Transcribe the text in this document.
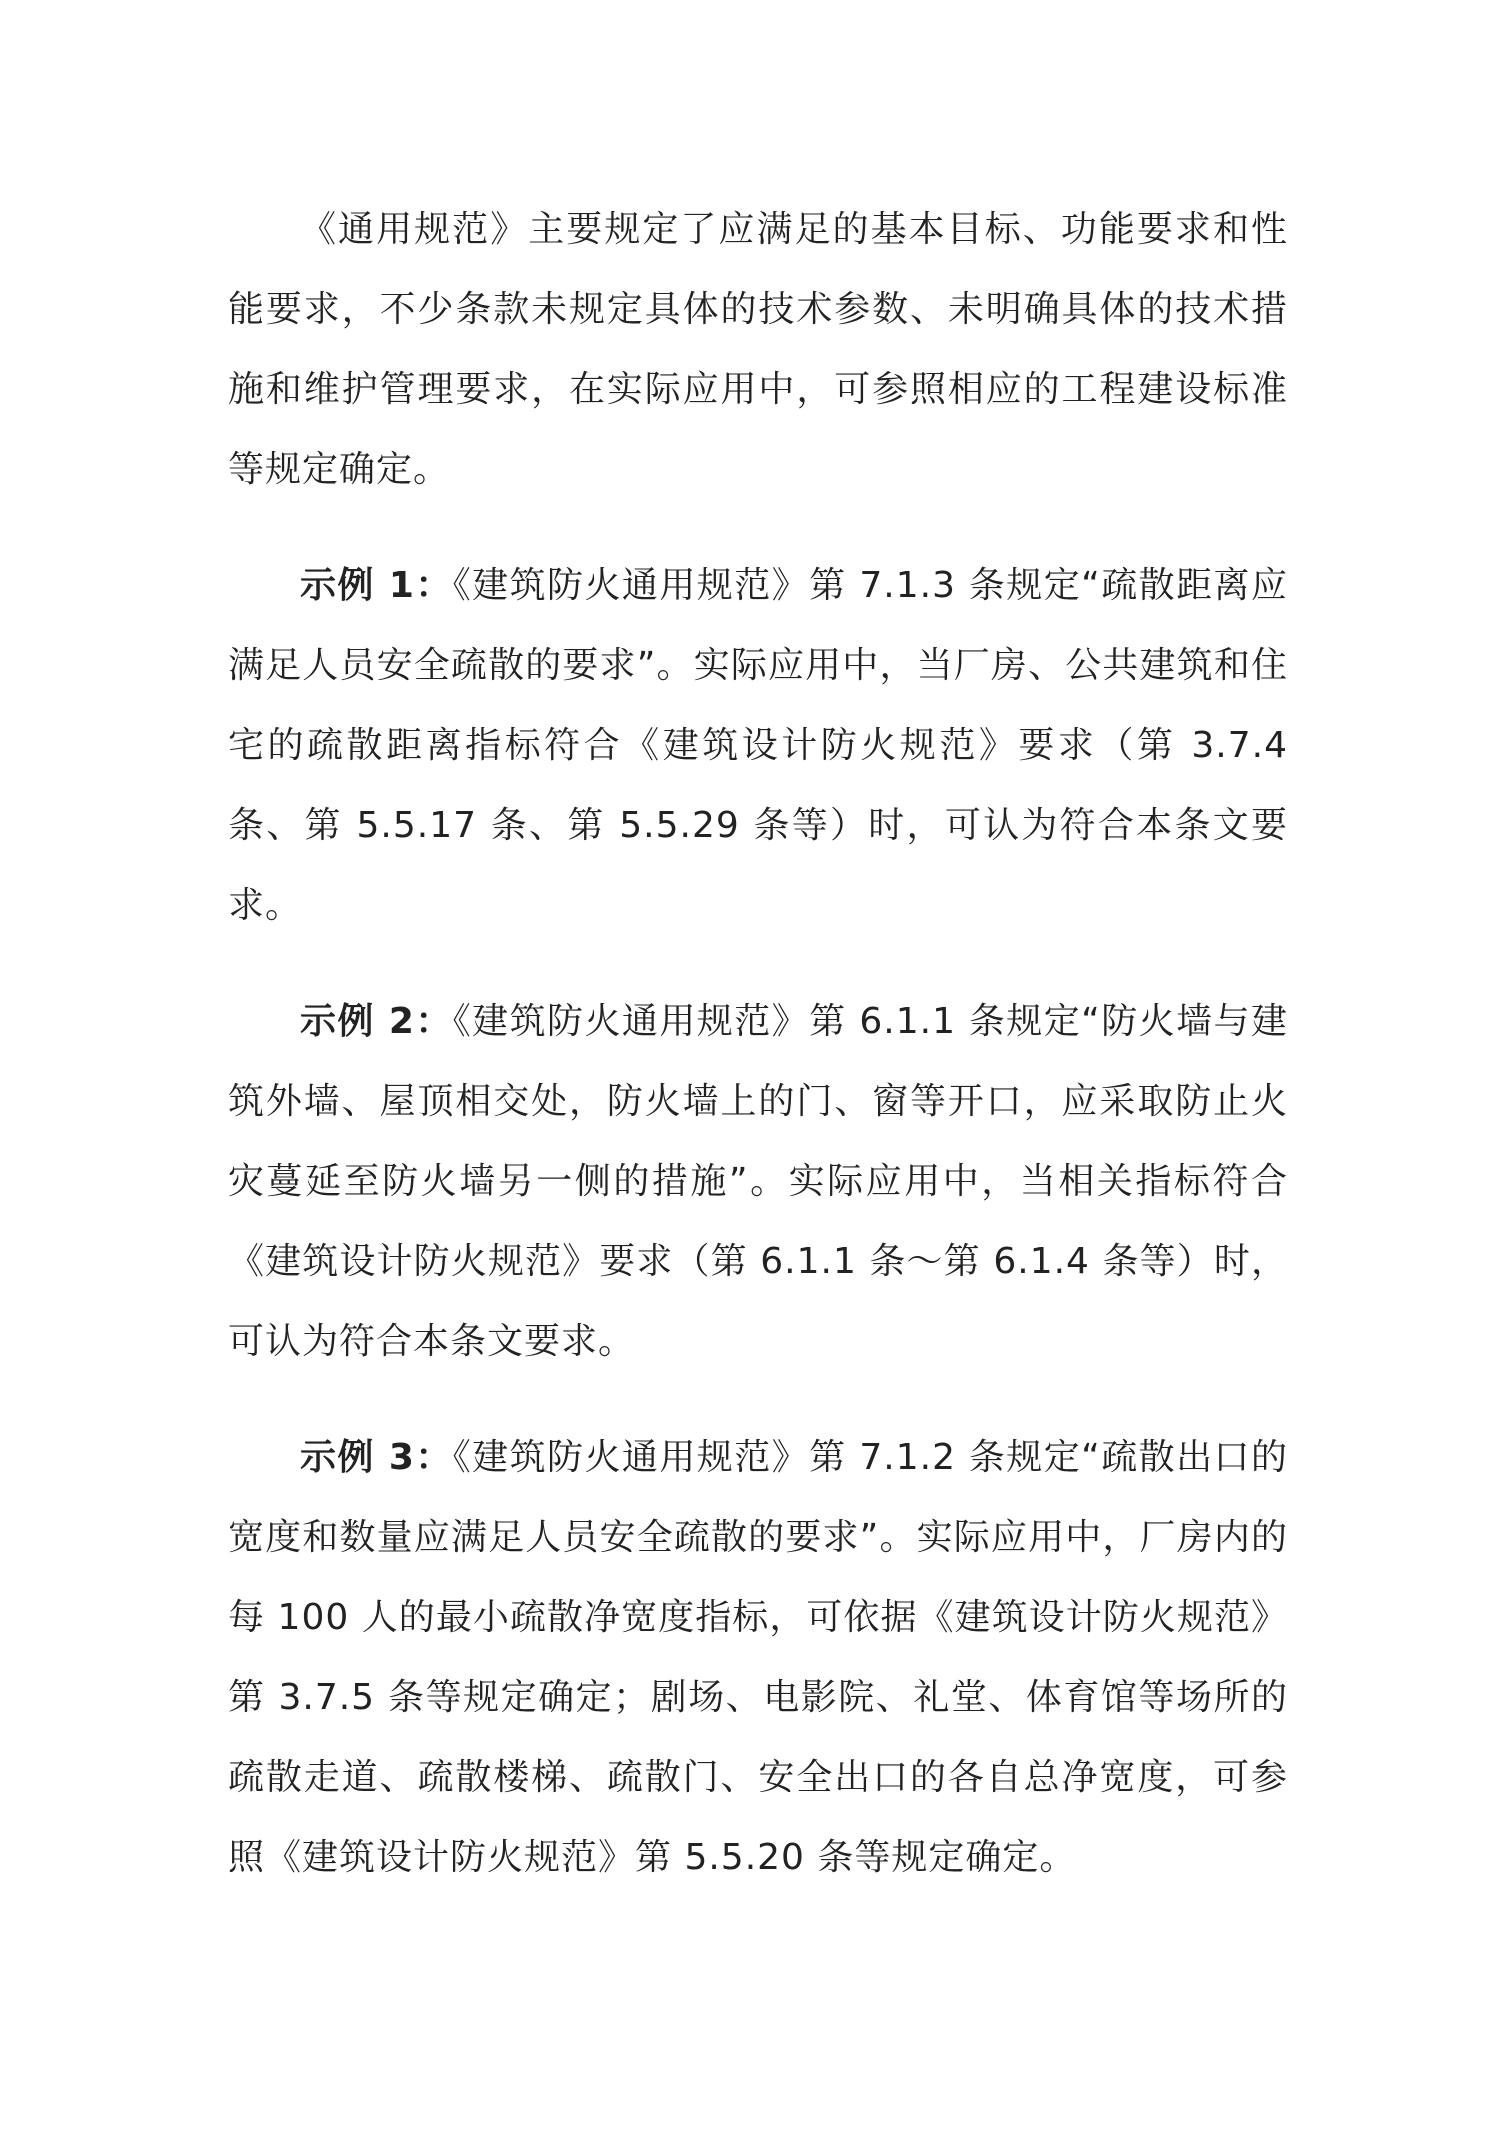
《通用规范》主要规定了应满足的基本目标、功能要求和性能要求，不少条款未规定具体的技术参数、未明确具体的技术措施和维护管理要求，在实际应用中，可参照相应的工程建设标准等规定确定。

示例 1：《建筑防火通用规范》第 7.1.3 条规定“疏散距离应满足人员安全疏散的要求”。实际应用中，当厂房、公共建筑和住宅的疏散距离指标符合《建筑设计防火规范》要求（第 3.7.4 条、第 5.5.17 条、第 5.5.29 条等）时，可认为符合本条文要求。

示例 2：《建筑防火通用规范》第 6.1.1 条规定“防火墙与建筑外墙、屋顶相交处，防火墙上的门、窗等开口，应采取防止火灾蔓延至防火墙另一侧的措施”。实际应用中，当相关指标符合《建筑设计防火规范》要求（第 6.1.1 条～第 6.1.4 条等）时，可认为符合本条文要求。

示例 3：《建筑防火通用规范》第 7.1.2 条规定“疏散出口的宽度和数量应满足人员安全疏散的要求”。实际应用中，厂房内的每 100 人的最小疏散净宽度指标，可依据《建筑设计防火规范》第 3.7.5 条等规定确定；剧场、电影院、礼堂、体育馆等场所的疏散走道、疏散楼梯、疏散门、安全出口的各自总净宽度，可参照《建筑设计防火规范》第 5.5.20 条等规定确定。
